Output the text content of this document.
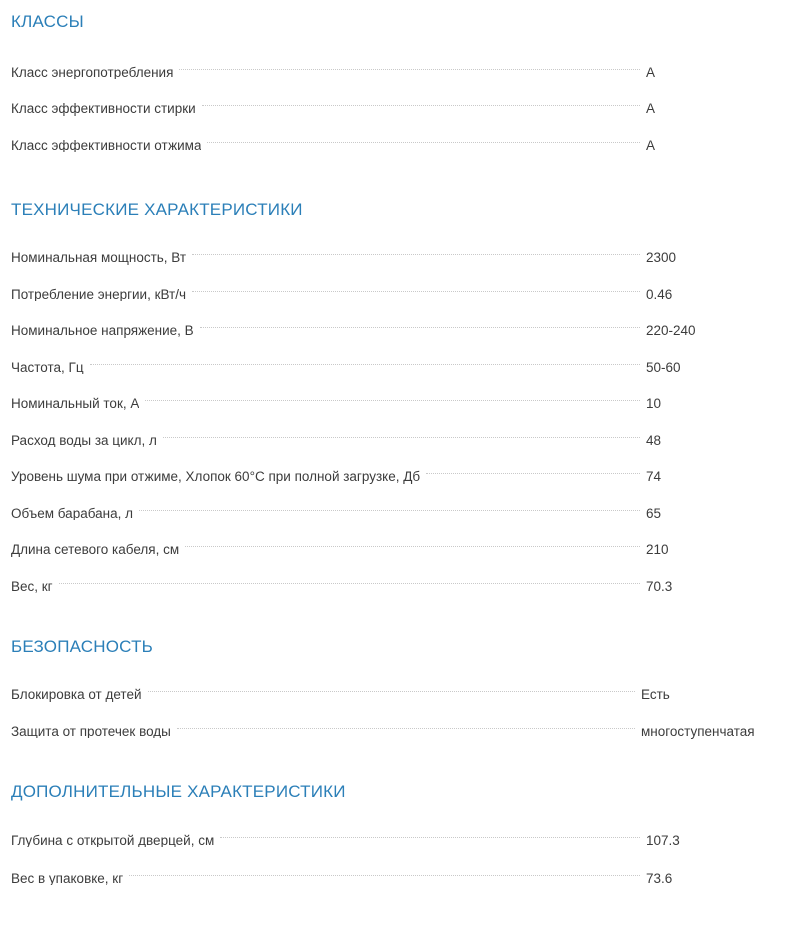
КЛАССЫ
Класс энергопотребления	A
Класс эффективности стирки	A
Класс эффективности отжима	A
ТЕХНИЧЕСКИЕ ХАРАКТЕРИСТИКИ
Номинальная мощность, Вт	2300
Потребление энергии, кВт/ч	0.46
Номинальное напряжение, В	220-240
Частота, Гц	50-60
Номинальный ток, А	10
Расход воды за цикл, л	48
Уровень шума при отжиме, Хлопок 60°C при полной загрузке, Дб	74
Объем барабана, л	65
Длина сетевого кабеля, см	210
Вес, кг	70.3
БЕЗОПАСНОСТЬ
Блокировка от детей	Есть
Защита от протечек воды	многоступенчатая
ДОПОЛНИТЕЛЬНЫЕ ХАРАКТЕРИСТИКИ
Глубина с открытой дверцей, см	107.3
Вес в упаковке, кг	73.6
